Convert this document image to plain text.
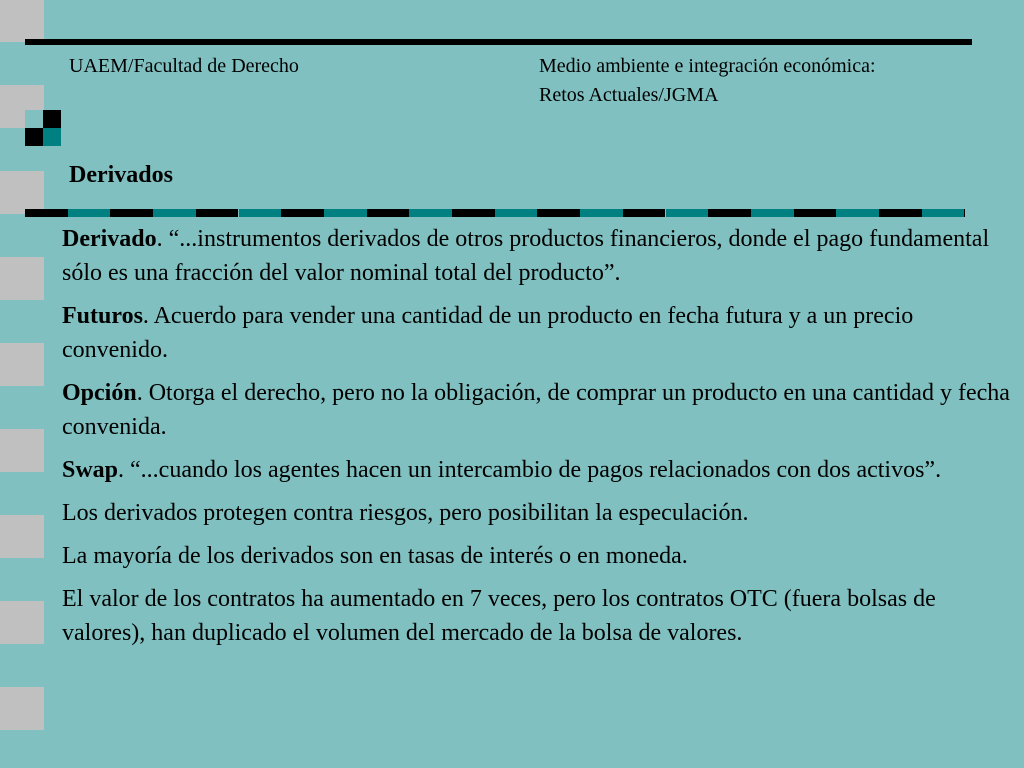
UAEM/Facultad de Derecho	Medio ambiente e integración económica:
Retos Actuales/JGMA
Derivados

Derivado. “...instrumentos derivados de otros productos financieros, donde el pago fundamental sólo es una fracción del valor nominal total del producto”.

Futuros. Acuerdo para vender una cantidad de un producto en fecha futura y a un precio convenido.

Opción. Otorga el derecho, pero no la obligación, de comprar un producto en una cantidad y fecha convenida.

Swap. “...cuando los agentes hacen un intercambio de pagos relacionados con dos activos”.

Los derivados protegen contra riesgos, pero posibilitan la especulación.

La mayoría de los derivados son en tasas de interés o en moneda.

El valor de los contratos ha aumentado en 7 veces, pero los contratos OTC (fuera bolsas de valores), han duplicado el volumen del mercado de la bolsa de valores.
